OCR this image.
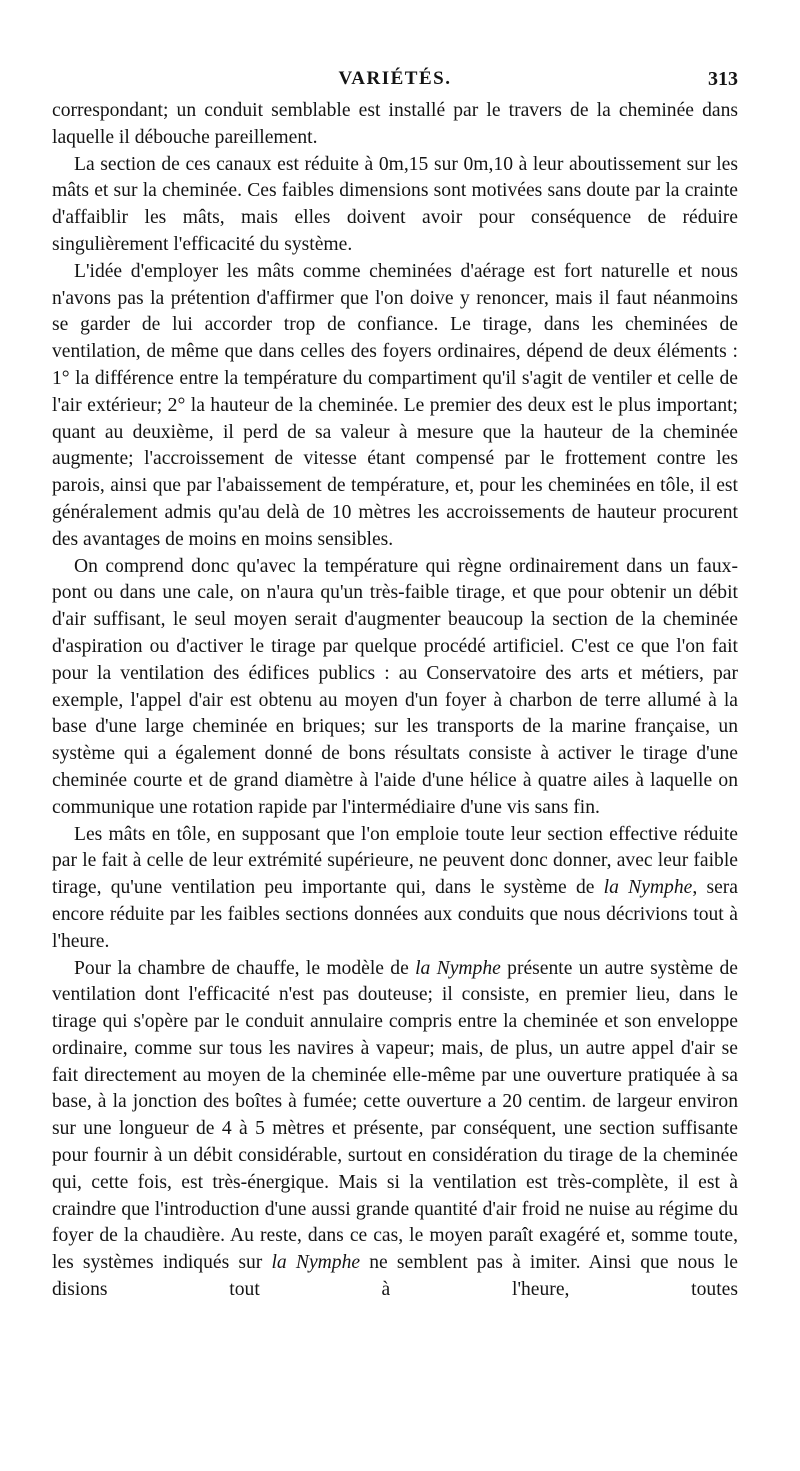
VARIÉTÉS.	313

correspondant; un conduit semblable est installé par le travers de la cheminée dans laquelle il débouche pareillement.

La section de ces canaux est réduite à 0m,15 sur 0m,10 à leur aboutissement sur les mâts et sur la cheminée. Ces faibles dimensions sont motivées sans doute par la crainte d'affaiblir les mâts, mais elles doivent avoir pour conséquence de réduire singulièrement l'efficacité du système.

L'idée d'employer les mâts comme cheminées d'aérage est fort naturelle et nous n'avons pas la prétention d'affirmer que l'on doive y renoncer, mais il faut néanmoins se garder de lui accorder trop de confiance. Le tirage, dans les cheminées de ventilation, de même que dans celles des foyers ordinaires, dépend de deux éléments : 1° la différence entre la température du compartiment qu'il s'agit de ventiler et celle de l'air extérieur; 2° la hauteur de la cheminée. Le premier des deux est le plus important; quant au deuxième, il perd de sa valeur à mesure que la hauteur de la cheminée augmente; l'accroissement de vitesse étant compensé par le frottement contre les parois, ainsi que par l'abaissement de température, et, pour les cheminées en tôle, il est généralement admis qu'au delà de 10 mètres les accroissements de hauteur procurent des avantages de moins en moins sensibles.

On comprend donc qu'avec la température qui règne ordinairement dans un faux-pont ou dans une cale, on n'aura qu'un très-faible tirage, et que pour obtenir un débit d'air suffisant, le seul moyen serait d'augmenter beaucoup la section de la cheminée d'aspiration ou d'activer le tirage par quelque procédé artificiel. C'est ce que l'on fait pour la ventilation des édifices publics : au Conservatoire des arts et métiers, par exemple, l'appel d'air est obtenu au moyen d'un foyer à charbon de terre allumé à la base d'une large cheminée en briques; sur les transports de la marine française, un système qui a également donné de bons résultats consiste à activer le tirage d'une cheminée courte et de grand diamètre à l'aide d'une hélice à quatre ailes à laquelle on communique une rotation rapide par l'intermédiaire d'une vis sans fin.

Les mâts en tôle, en supposant que l'on emploie toute leur section effective réduite par le fait à celle de leur extrémité supérieure, ne peuvent donc donner, avec leur faible tirage, qu'une ventilation peu importante qui, dans le système de la Nymphe, sera encore réduite par les faibles sections données aux conduits que nous décrivions tout à l'heure.

Pour la chambre de chauffe, le modèle de la Nymphe présente un autre système de ventilation dont l'efficacité n'est pas douteuse; il consiste, en premier lieu, dans le tirage qui s'opère par le conduit annulaire compris entre la cheminée et son enveloppe ordinaire, comme sur tous les navires à vapeur; mais, de plus, un autre appel d'air se fait directement au moyen de la cheminée elle-même par une ouverture pratiquée à sa base, à la jonction des boîtes à fumée; cette ouverture a 20 centim. de largeur environ sur une longueur de 4 à 5 mètres et présente, par conséquent, une section suffisante pour fournir à un débit considérable, surtout en considération du tirage de la cheminée qui, cette fois, est très-énergique. Mais si la ventilation est très-complète, il est à craindre que l'introduction d'une aussi grande quantité d'air froid ne nuise au régime du foyer de la chaudière. Au reste, dans ce cas, le moyen paraît exagéré et, somme toute, les systèmes indiqués sur la Nymphe ne semblent pas à imiter. Ainsi que nous le disions tout à l'heure, toutes
